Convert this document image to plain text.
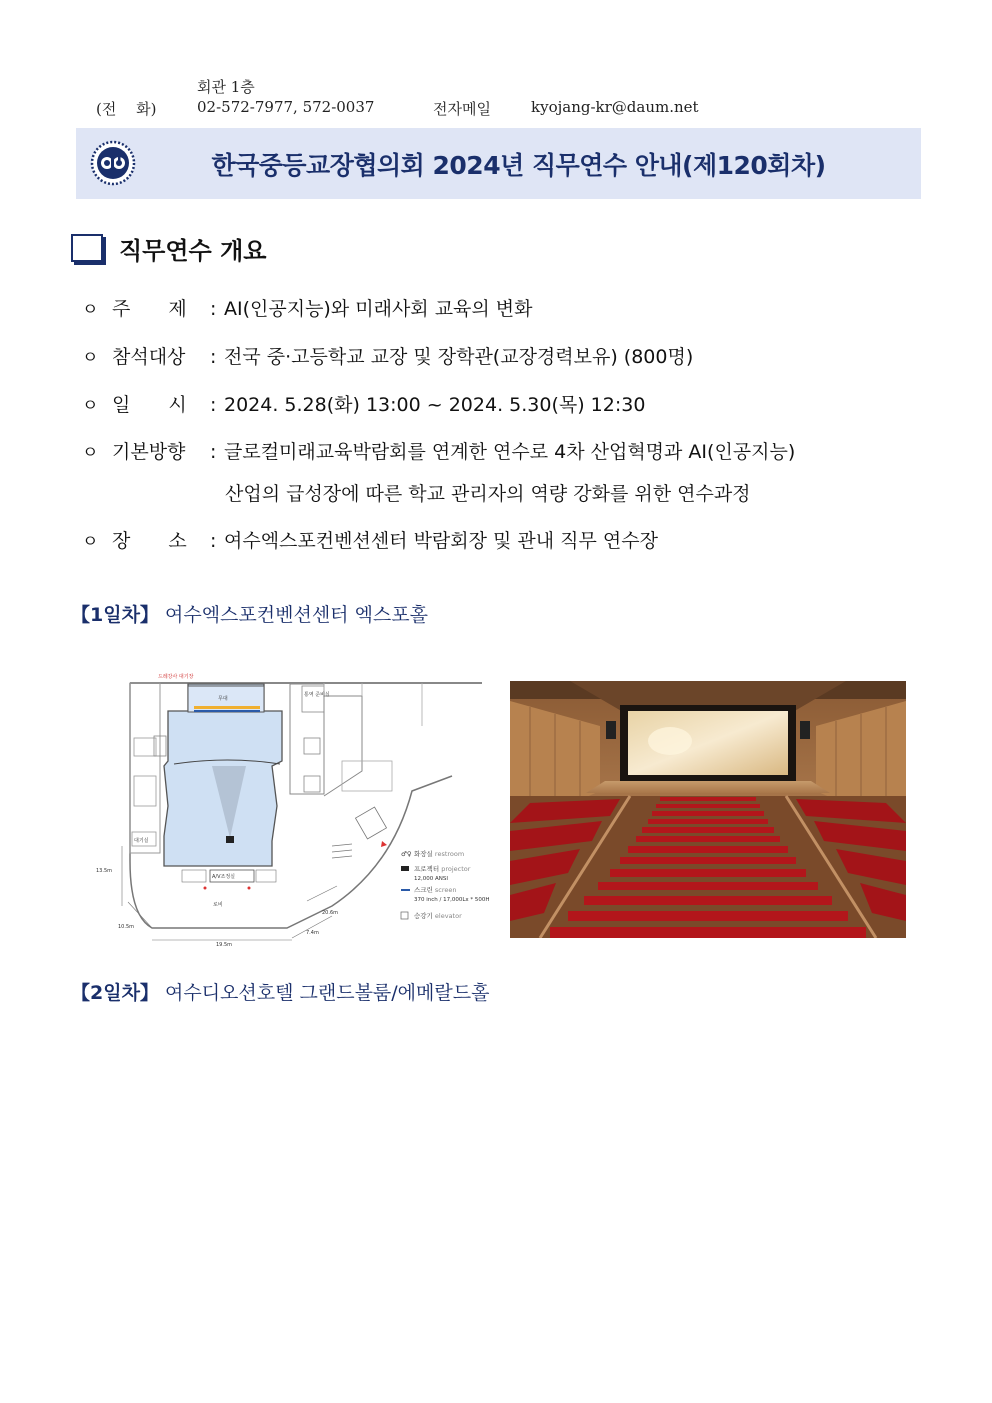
회관 1층
(전　 화)	02-572-7977, 572-0037	전자메일	kyojang-kr@daum.net
한국중등교장협의회 2024년 직무연수 안내(제120회차)
직무연수 개요
ㅇ 주　　제 : AI(인공지능)와 미래사회 교육의 변화
ㅇ 참석대상 : 전국 중·고등학교 교장 및 장학관(교장경력보유) (800명)
ㅇ 일　　시 : 2024. 5.28(화) 13:00 ~ 2024. 5.30(목) 12:30
ㅇ 기본방향 : 글로컬미래교육박람회를 연계한 연수로 4차 산업혁명과 AI(인공지능)
산업의 급성장에 따른 학교 관리자의 역량 강화를 위한 연수과정
ㅇ 장　　소 : 여수엑스포컨벤션센터 박람회장 및 관내 직무 연수장
【1일차】 여수엑스포컨벤션센터 엑스포홀
♂♀ 화장실 restroom
프로젝터 projector
12,000 ANSI
스크린 screen
370 inch / 17,000Lx * 500H
승강기 elevator
드레강사 대기장
무대
A/V조정실
로비
대기실
통역 준비실
13.5m
10.5m
19.5m
20.6m
7.4m
【2일차】 여수디오션호텔 그랜드볼룸/에메랄드홀
